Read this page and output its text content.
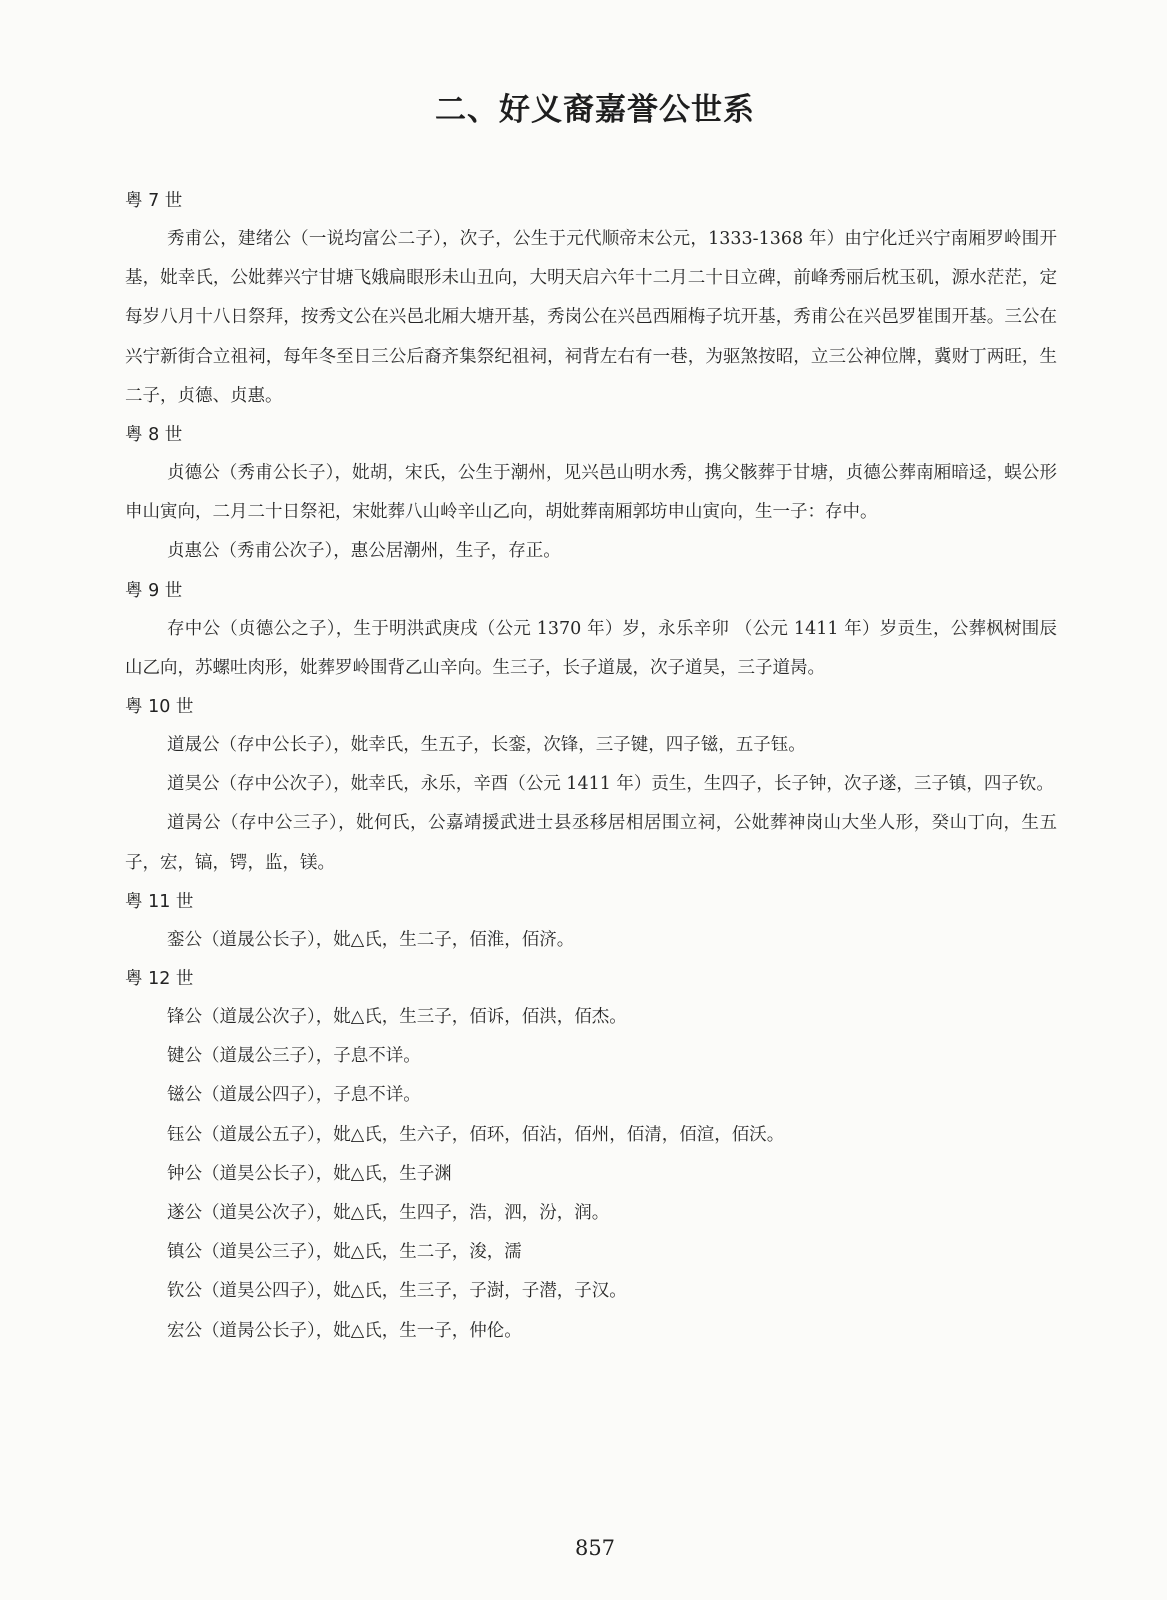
二、好义裔嘉誉公世系

粤 7 世

秀甫公，建绪公（一说均富公二子），次子，公生于元代顺帝末公元，1333-1368 年）由宁化迁兴宁南厢罗岭围开基，妣幸氏，公妣葬兴宁甘塘飞娥扁眼形未山丑向，大明天启六年十二月二十日立碑，前峰秀丽后枕玉矶，源水茫茫，定每岁八月十八日祭拜，按秀文公在兴邑北厢大塘开基，秀岗公在兴邑西厢梅子坑开基，秀甫公在兴邑罗崔围开基。三公在兴宁新街合立祖祠，每年冬至日三公后裔齐集祭纪祖祠，祠背左右有一巷，为驱煞按昭，立三公神位牌，冀财丁两旺，生二子，贞德、贞惠。

粤 8 世

贞德公（秀甫公长子），妣胡，宋氏，公生于潮州，见兴邑山明水秀，携父骸葬于甘塘，贞德公葬南厢暗迳，蜈公形申山寅向，二月二十日祭祀，宋妣葬八山岭辛山乙向，胡妣葬南厢郭坊申山寅向，生一子：存中。

贞惠公（秀甫公次子），惠公居潮州，生子，存正。

粤 9 世

存中公（贞德公之子），生于明洪武庚戌（公元 1370 年）岁，永乐辛卯 （公元 1411 年）岁贡生，公葬枫树围辰山乙向，苏螺吐肉形，妣葬罗岭围背乙山辛向。生三子，长子道晟，次子道昊，三子道昺。

粤 10 世

道晟公（存中公长子），妣幸氏，生五子，长銮，次锋，三子键，四子镃，五子钰。

道昊公（存中公次子），妣幸氏，永乐，辛酉（公元 1411 年）贡生，生四子，长子钟，次子遂，三子镇，四子钦。

道昺公（存中公三子），妣何氏，公嘉靖援武进士县丞移居相居围立祠，公妣葬神岗山大坐人形，癸山丁向，生五子，宏，镐，锷，监，镁。

粤 11 世

銮公（道晟公长子），妣△氏，生二子，佰淮，佰济。

粤 12 世

锋公（道晟公次子），妣△氏，生三子，佰诉，佰洪，佰杰。

键公（道晟公三子），子息不详。

镃公（道晟公四子），子息不详。

钰公（道晟公五子），妣△氏，生六子，佰环，佰沾，佰州，佰清，佰渲，佰沃。

钟公（道昊公长子），妣△氏，生子渊

遂公（道昊公次子），妣△氏，生四子，浩，泗，汾，润。

镇公（道昊公三子），妣△氏，生二子，浚，濡

钦公（道昊公四子），妣△氏，生三子，子澍，子潜，子汉。

宏公（道昺公长子），妣△氏，生一子，仲伦。

857
